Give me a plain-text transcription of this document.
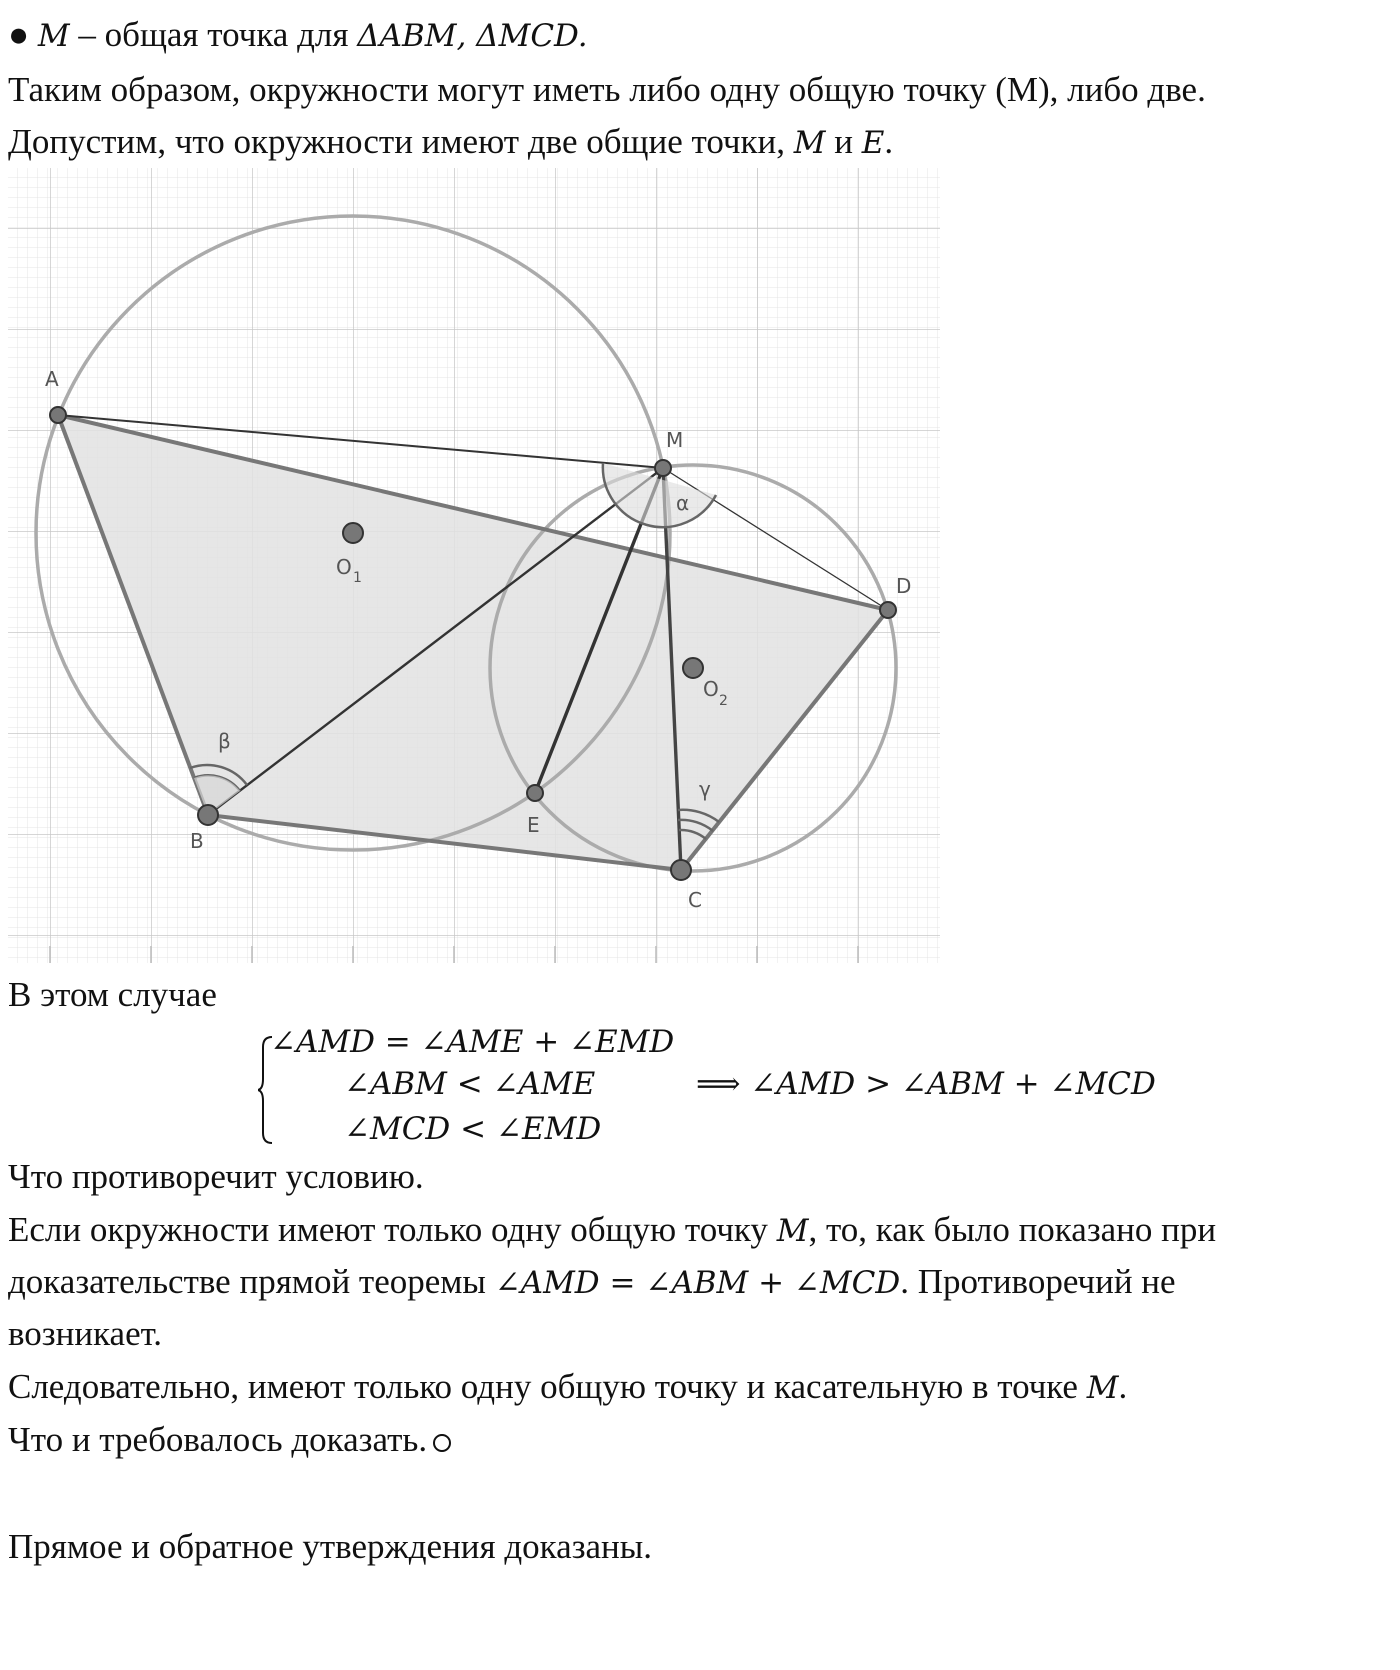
● M – общая точка для ΔABM, ΔMCD.
Таким образом, окружности могут иметь либо одну общую точку (M), либо две.
Допустим, что окружности имеют две общие точки, M и E.
A
B
C
D
E
M
O 1
O 2
α
β
γ
В этом случае
∠AMD = ∠AME + ∠EMD
∠ABM < ∠AME
∠MCD < ∠EMD
⟹ ∠AMD > ∠ABM + ∠MCD
Что противоречит условию.
Если окружности имеют только одну общую точку M, то, как было показано при
доказательстве прямой теоремы ∠AMD = ∠ABM + ∠MCD. Противоречий не
возникает.
Следовательно, имеют только одну общую точку и касательную в точке M.
Что и требовалось доказать.
Прямое и обратное утверждения доказаны.
